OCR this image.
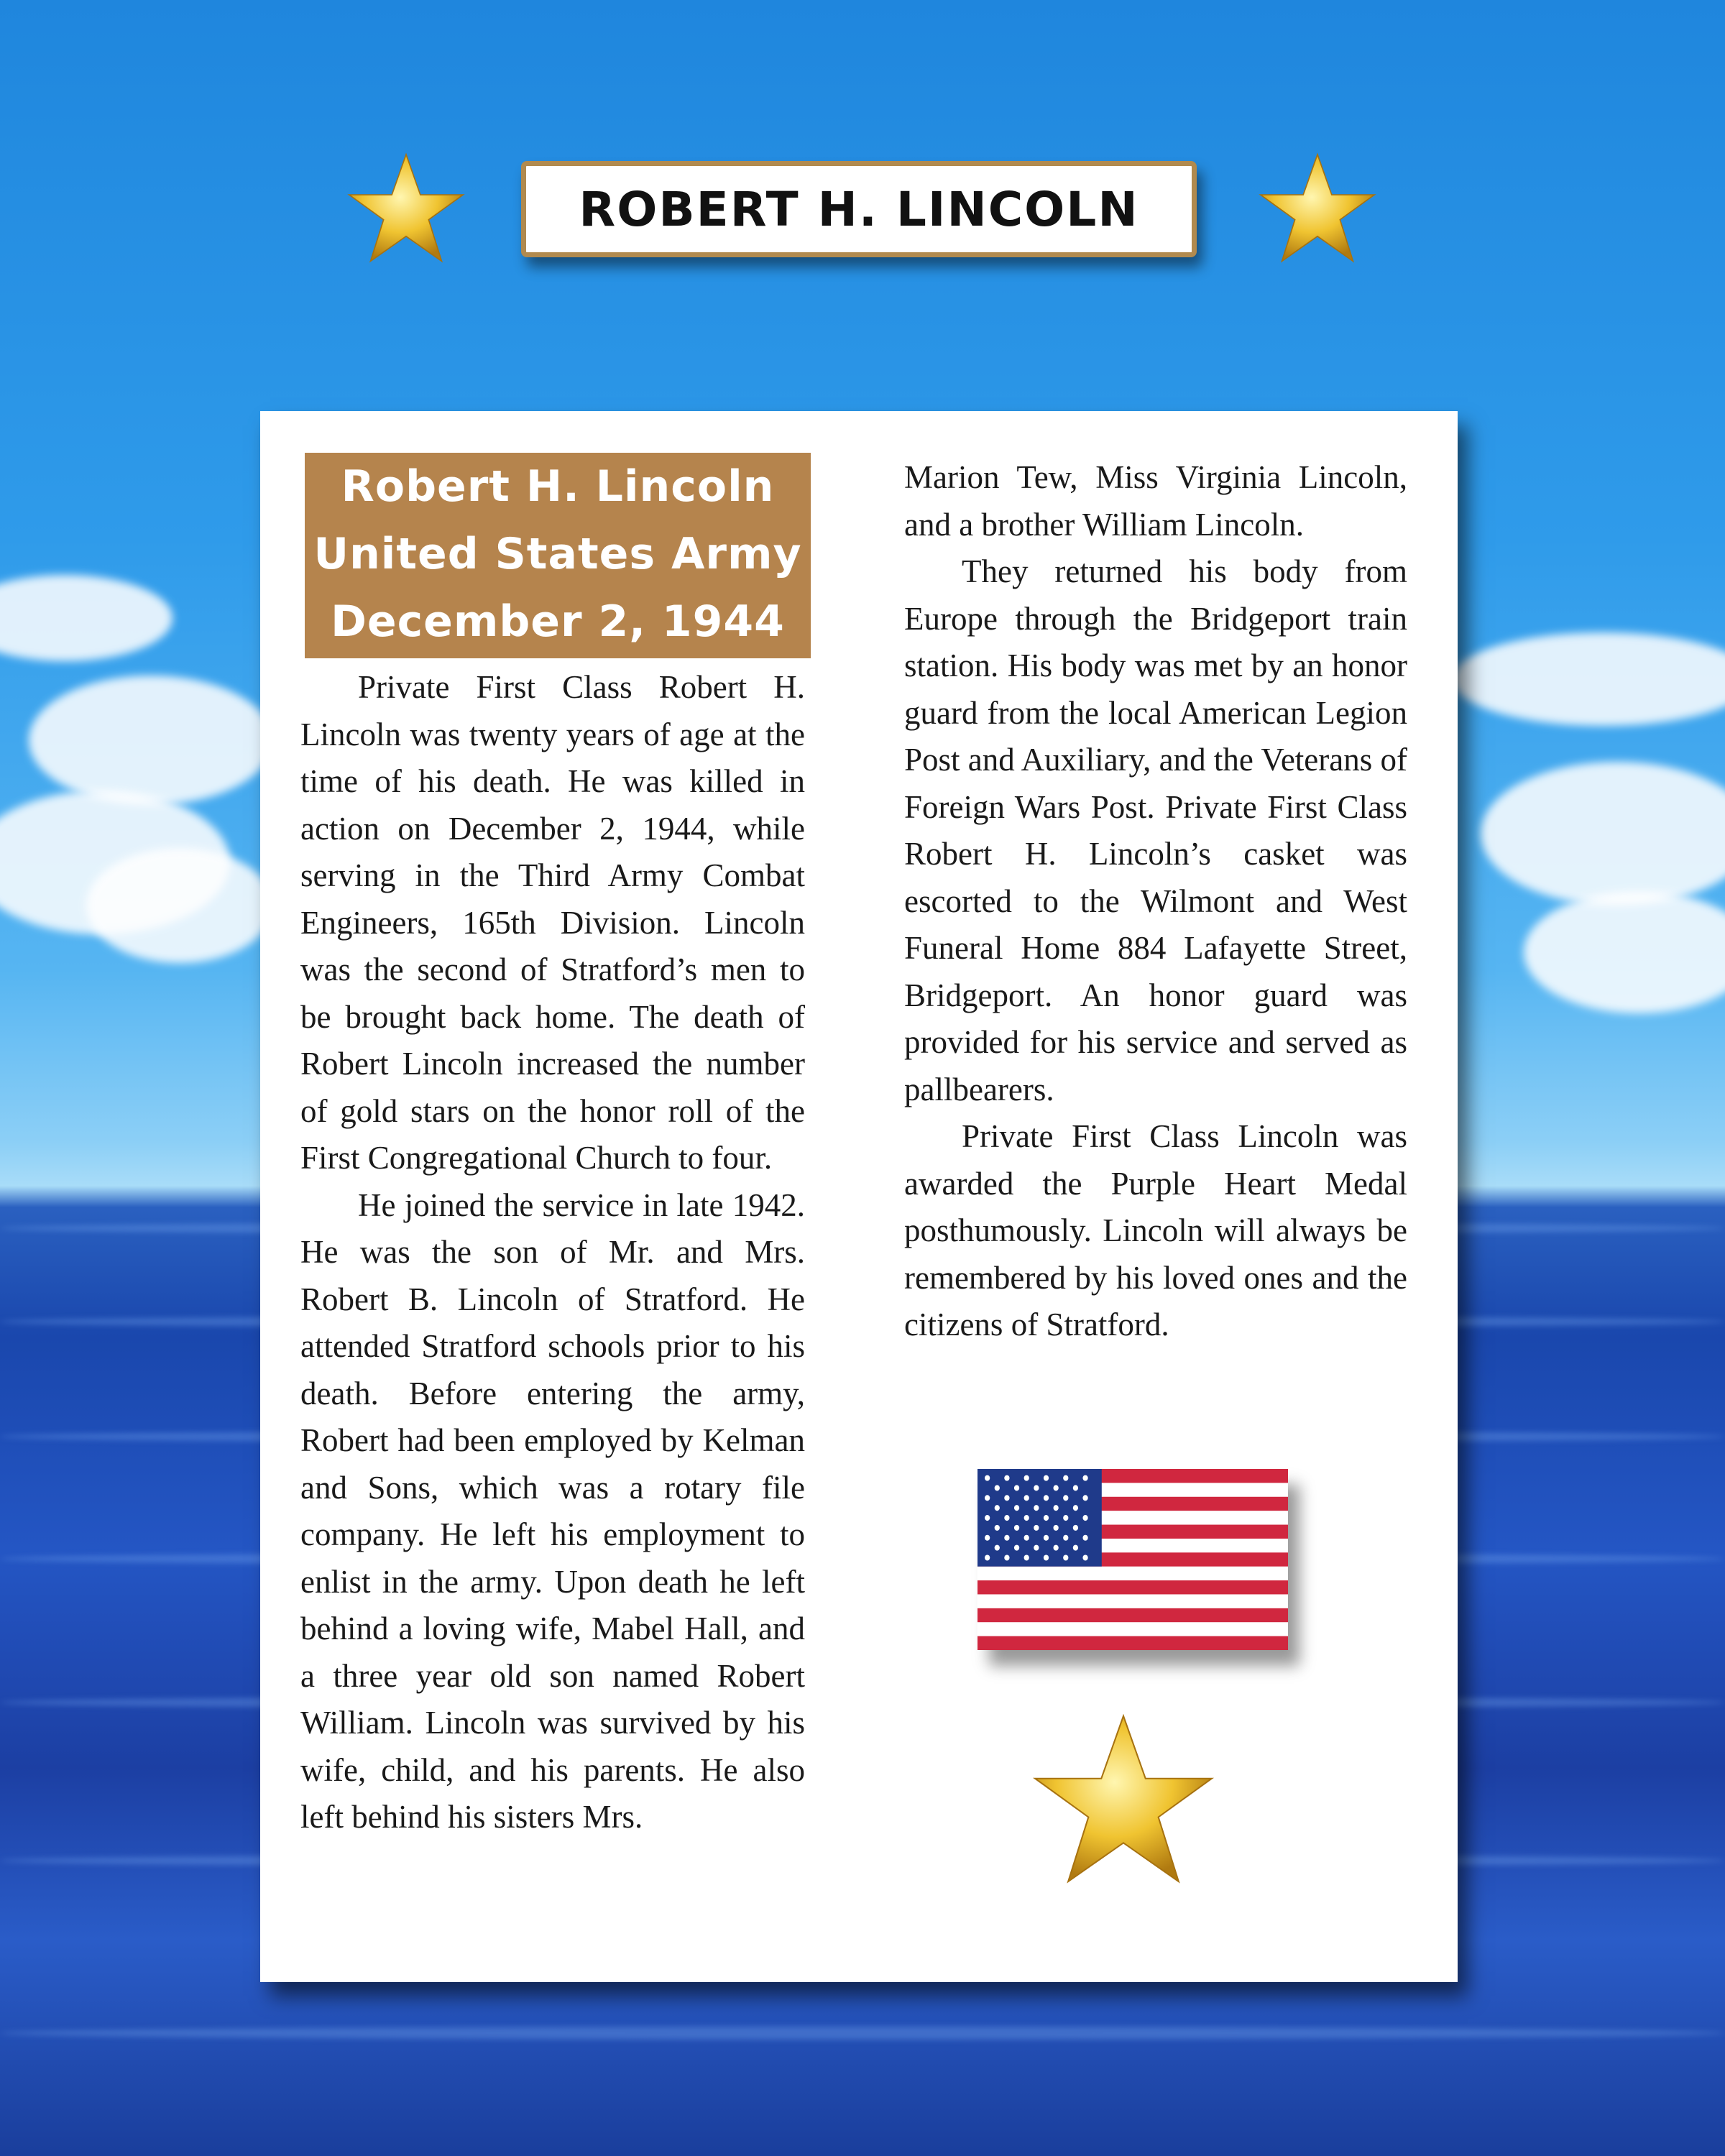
ROBERT H. LINCOLN
Robert H. Lincoln
United States Army
December 2, 1944

Private First Class Robert H. Lincoln was twenty years of age at the time of his death. He was killed in action on December 2, 1944, while serving in the Third Army Combat Engineers, 165th Division. Lincoln was the second of Stratford’s men to be brought back home. The death of Robert Lincoln increased the number of gold stars on the honor roll of the First Congregational Church to four.

He joined the service in late 1942. He was the son of Mr. and Mrs. Robert B. Lincoln of Stratford. He attended Stratford schools prior to his death. Before entering the army, Robert had been employed by Kelman and Sons, which was a rotary file company. He left his employment to enlist in the army. Upon death he left behind a loving wife, Mabel Hall, and a three year old son named Robert William. Lincoln was survived by his wife, child, and his parents. He also left behind his sisters Mrs.

Marion Tew, Miss Virginia Lincoln, and a brother William Lincoln.

They returned his body from Europe through the Bridgeport train station. His body was met by an honor guard from the local American Legion Post and Auxiliary, and the Veterans of Foreign Wars Post. Private First Class Robert H. Lincoln’s casket was escorted to the Wilmont and West Funeral Home 884 Lafayette Street, Bridgeport. An honor guard was provided for his service and served as pallbearers.

Private First Class Lincoln was awarded the Purple Heart Medal posthumously. Lincoln will always be remembered by his loved ones and the citizens of Stratford.
